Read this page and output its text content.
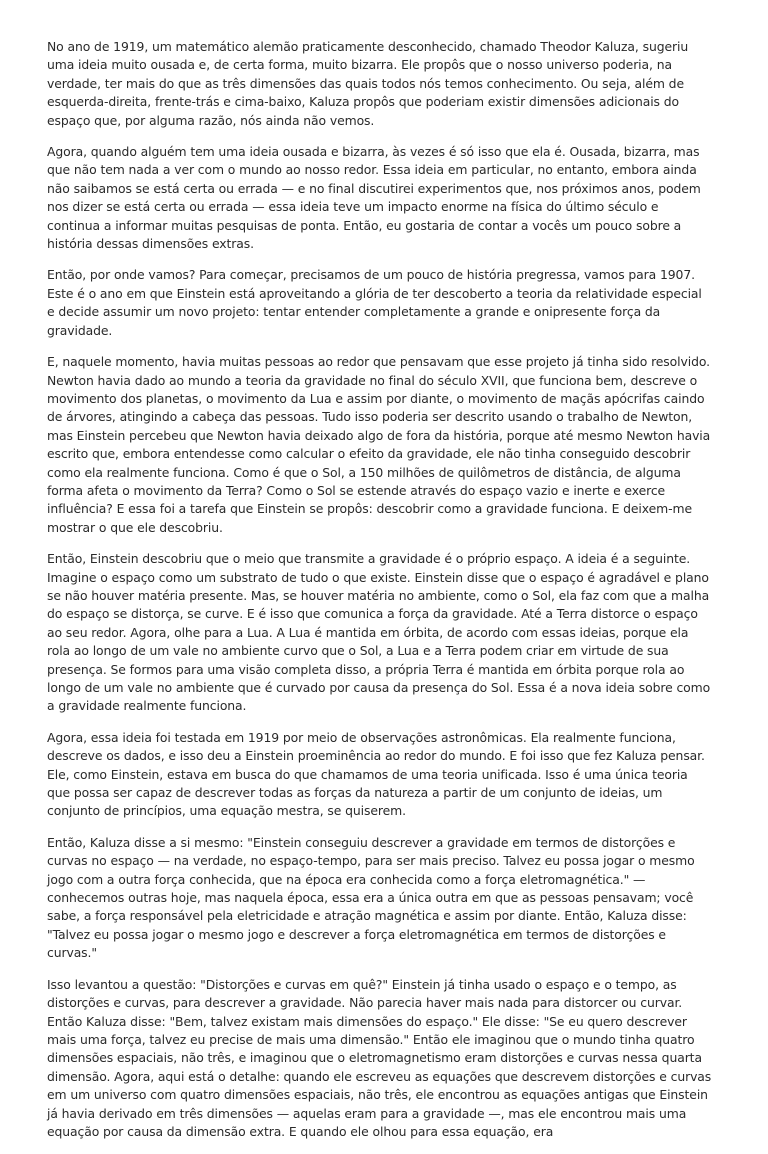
No ano de 1919, um matemático alemão praticamente desconhecido, chamado Theodor Kaluza, sugeriu uma ideia muito ousada e, de certa forma, muito bizarra. Ele propôs que o nosso universo poderia, na verdade, ter mais do que as três dimensões das quais todos nós temos conhecimento. Ou seja, além de esquerda-direita, frente-trás e cima-baixo, Kaluza propôs que poderiam existir dimensões adicionais do espaço que, por alguma razão, nós ainda não vemos.

Agora, quando alguém tem uma ideia ousada e bizarra, às vezes é só isso que ela é. Ousada, bizarra, mas que não tem nada a ver com o mundo ao nosso redor. Essa ideia em particular, no entanto, embora ainda não saibamos se está certa ou errada — e no final discutirei experimentos que, nos próximos anos, podem nos dizer se está certa ou errada — essa ideia teve um impacto enorme na física do último século e continua a informar muitas pesquisas de ponta. Então, eu gostaria de contar a vocês um pouco sobre a história dessas dimensões extras.

Então, por onde vamos? Para começar, precisamos de um pouco de história pregressa, vamos para 1907. Este é o ano em que Einstein está aproveitando a glória de ter descoberto a teoria da relatividade especial e decide assumir um novo projeto: tentar entender completamente a grande e onipresente força da gravidade.

E, naquele momento, havia muitas pessoas ao redor que pensavam que esse projeto já tinha sido resolvido. Newton havia dado ao mundo a teoria da gravidade no final do século XVII, que funciona bem, descreve o movimento dos planetas, o movimento da Lua e assim por diante, o movimento de maçãs apócrifas caindo de árvores, atingindo a cabeça das pessoas. Tudo isso poderia ser descrito usando o trabalho de Newton, mas Einstein percebeu que Newton havia deixado algo de fora da história, porque até mesmo Newton havia escrito que, embora entendesse como calcular o efeito da gravidade, ele não tinha conseguido descobrir como ela realmente funciona. Como é que o Sol, a 150 milhões de quilômetros de distância, de alguma forma afeta o movimento da Terra? Como o Sol se estende através do espaço vazio e inerte e exerce influência? E essa foi a tarefa que Einstein se propôs: descobrir como a gravidade funciona. E deixem-me mostrar o que ele descobriu.

Então, Einstein descobriu que o meio que transmite a gravidade é o próprio espaço. A ideia é a seguinte. Imagine o espaço como um substrato de tudo o que existe. Einstein disse que o espaço é agradável e plano se não houver matéria presente. Mas, se houver matéria no ambiente, como o Sol, ela faz com que a malha do espaço se distorça, se curve. E é isso que comunica a força da gravidade. Até a Terra distorce o espaço ao seu redor. Agora, olhe para a Lua. A Lua é mantida em órbita, de acordo com essas ideias, porque ela rola ao longo de um vale no ambiente curvo que o Sol, a Lua e a Terra podem criar em virtude de sua presença. Se formos para uma visão completa disso, a própria Terra é mantida em órbita porque rola ao longo de um vale no ambiente que é curvado por causa da presença do Sol. Essa é a nova ideia sobre como a gravidade realmente funciona.

Agora, essa ideia foi testada em 1919 por meio de observações astronômicas. Ela realmente funciona, descreve os dados, e isso deu a Einstein proeminência ao redor do mundo. E foi isso que fez Kaluza pensar. Ele, como Einstein, estava em busca do que chamamos de uma teoria unificada. Isso é uma única teoria que possa ser capaz de descrever todas as forças da natureza a partir de um conjunto de ideias, um conjunto de princípios, uma equação mestra, se quiserem.

Então, Kaluza disse a si mesmo: "Einstein conseguiu descrever a gravidade em termos de distorções e curvas no espaço — na verdade, no espaço-tempo, para ser mais preciso. Talvez eu possa jogar o mesmo jogo com a outra força conhecida, que na época era conhecida como a força eletromagnética." — conhecemos outras hoje, mas naquela época, essa era a única outra em que as pessoas pensavam; você sabe, a força responsável pela eletricidade e atração magnética e assim por diante. Então, Kaluza disse: "Talvez eu possa jogar o mesmo jogo e descrever a força eletromagnética em termos de distorções e curvas."

Isso levantou a questão: "Distorções e curvas em quê?" Einstein já tinha usado o espaço e o tempo, as distorções e curvas, para descrever a gravidade. Não parecia haver mais nada para distorcer ou curvar. Então Kaluza disse: "Bem, talvez existam mais dimensões do espaço." Ele disse: "Se eu quero descrever mais uma força, talvez eu precise de mais uma dimensão." Então ele imaginou que o mundo tinha quatro dimensões espaciais, não três, e imaginou que o eletromagnetismo eram distorções e curvas nessa quarta dimensão. Agora, aqui está o detalhe: quando ele escreveu as equações que descrevem distorções e curvas em um universo com quatro dimensões espaciais, não três, ele encontrou as equações antigas que Einstein já havia derivado em três dimensões — aquelas eram para a gravidade —, mas ele encontrou mais uma equação por causa da dimensão extra. E quando ele olhou para essa equação, era
